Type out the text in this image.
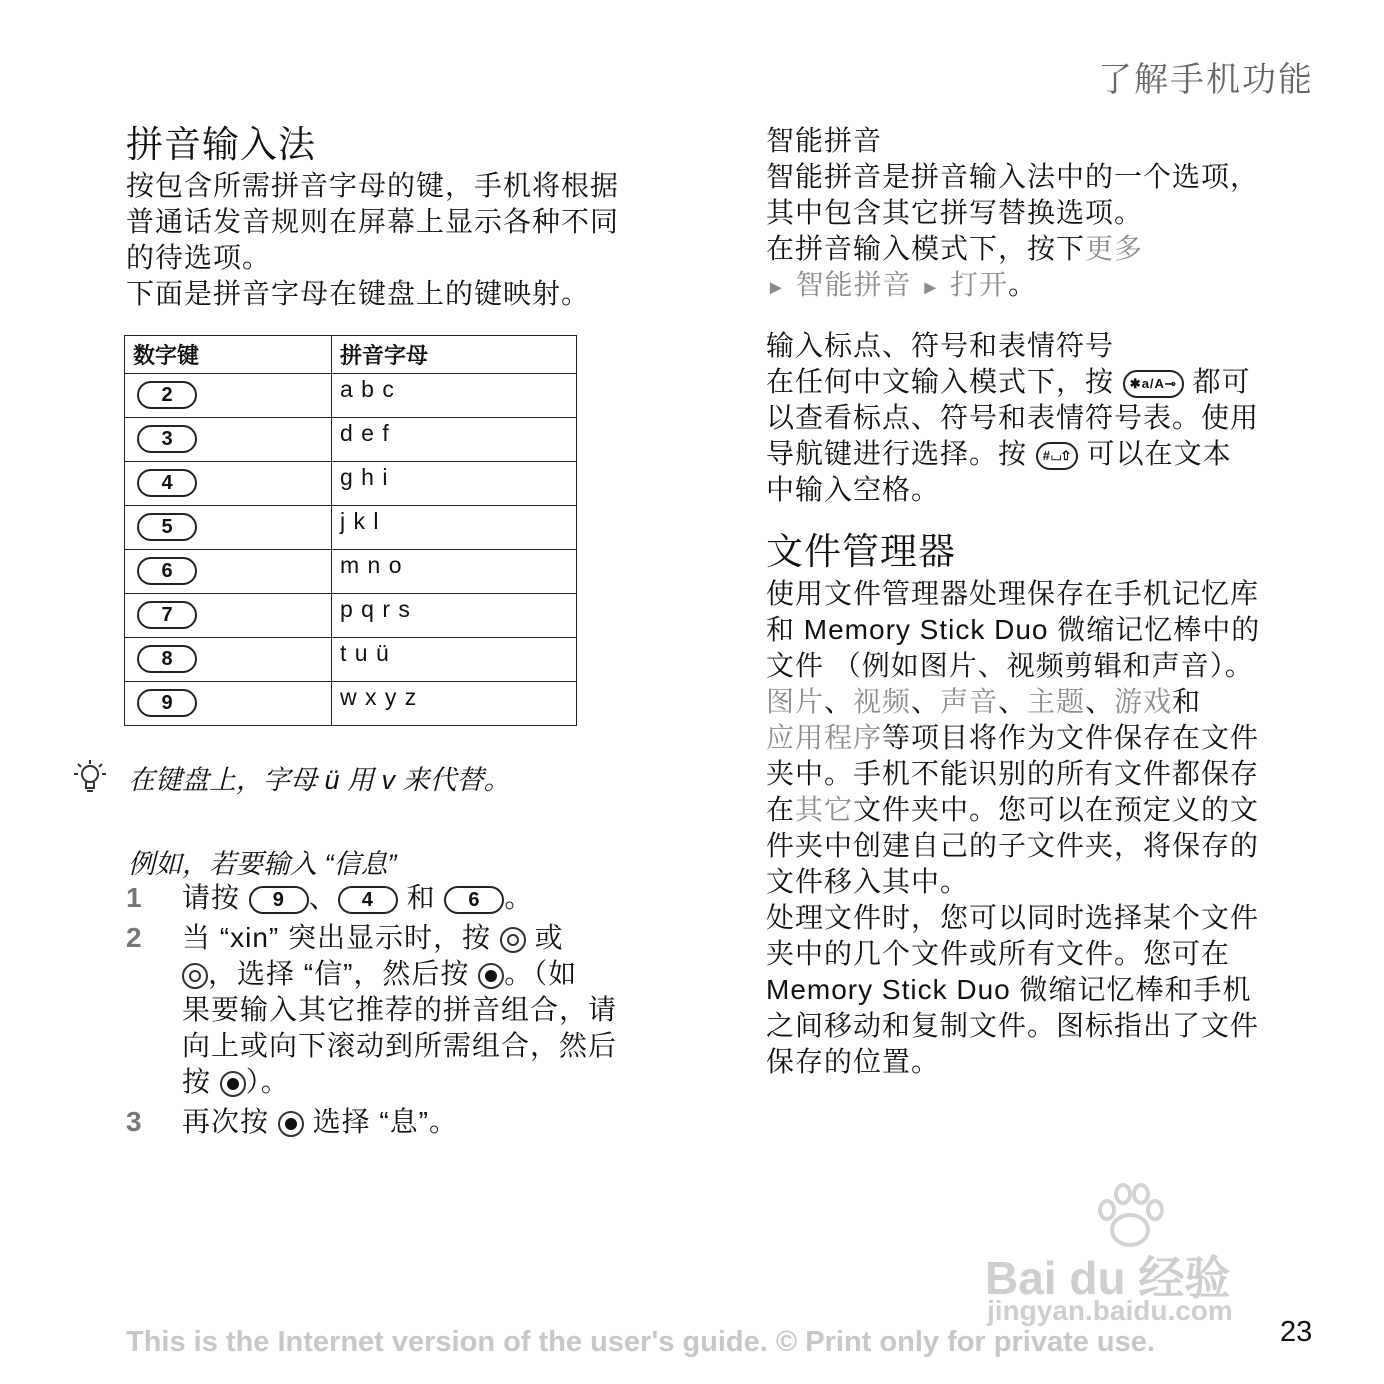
了解手机功能
拼音输入法
按包含所需拼音字母的键，手机将根据
普通话发音规则在屏幕上显示各种不同
的待选项。
下面是拼音字母在键盘上的键映射。
数字键	拼音字母
2	a b c
3	d e f
4	g h i
5	j k l
6	m n o
7	p q r s
8	t u ü
9	w x y z
在键盘上，字母 ü 用 v 来代替。
例如，若要输入 “信息”
1 请按 9 、 4 和 6 。
2 当 “xin” 突出显示时，按 或
，选择 “信”，然后按 。（如
果要输入其它推荐的拼音组合，请
向上或向下滚动到所需组合，然后
按 ）。
3 再次按 选择 “息”。
智能拼音
智能拼音是拼音输入法中的一个选项，
其中包含其它拼写替换选项。
在拼音输入模式下，按下更多
► 智能拼音 ► 打开。
输入标点、符号和表情符号
在任何中文输入模式下，按 ✱a/A⊸ 都可
以查看标点、符号和表情符号表。使用
导航键进行选择。按 #⌴⇧ 可以在文本
中输入空格。
文件管理器
使用文件管理器处理保存在手机记忆库
和 Memory Stick Duo 微缩记忆棒中的
文件 （例如图片、视频剪辑和声音）。
图片、视频、声音、主题、游戏和
应用程序等项目将作为文件保存在文件
夹中。手机不能识别的所有文件都保存
在其它文件夹中。您可以在预定义的文
件夹中创建自己的子文件夹，将保存的
文件移入其中。
处理文件时，您可以同时选择某个文件
夹中的几个文件或所有文件。您可在
Memory Stick Duo 微缩记忆棒和手机
之间移动和复制文件。图标指出了文件
保存的位置。
Bai du 经验
jingyan.baidu.com
This is the Internet version of the user's guide. © Print only for private use.	23
